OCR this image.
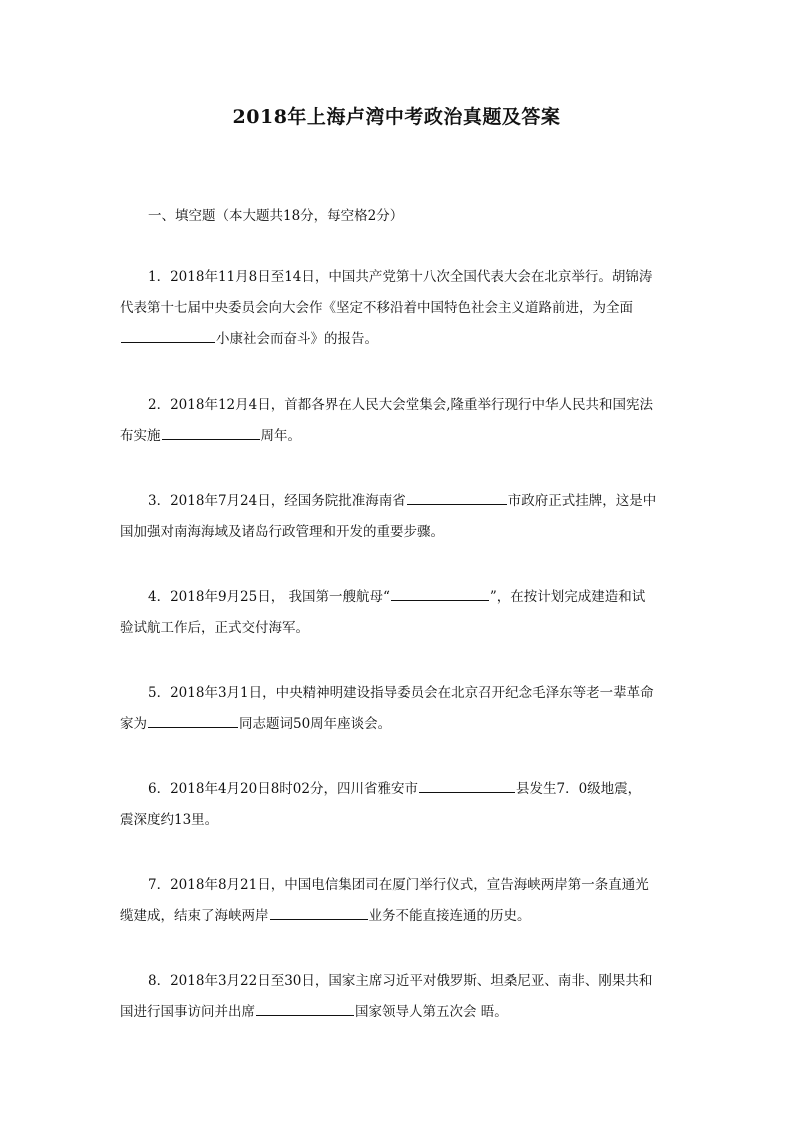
2018年上海卢湾中考政治真题及答案
一、填空题（本大题共18分，每空格2分）
1．2018年11月8日至14日，中国共产党第十八次全国代表大会在北京举行。胡锦涛
代表第十七届中央委员会向大会作《坚定不移沿着中国特色社会主义道路前进，为全面
小康社会而奋斗》的报告。
2．2018年12月4日，首都各界在人民大会堂集会,隆重举行现行中华人民共和国宪法
布实施	周年。
3．2018年7月24日，经国务院批准海南省	市政府正式挂牌，这是中
国加强对南海海域及诸岛行政管理和开发的重要步骤。
4．2018年9月25日， 我国第一艘航母“	”，在按计划完成建造和试
验试航工作后，正式交付海军。
5．2018年3月1日，中央精神明建设指导委员会在北京召开纪念毛泽东等老一辈革命
家为	同志题词50周年座谈会。
6．2018年4月20日8时02分，四川省雅安市	县发生7．0级地震，
震深度约13里。
7．2018年8月21日，中国电信集团司在厦门举行仪式，宣告海峡两岸第一条直通光
缆建成，结束了海峡两岸	业务不能直接连通的历史。
8．2018年3月22日至30日，国家主席习近平对俄罗斯、坦桑尼亚、南非、刚果共和
国进行国事访问并出席	国家领导人第五次会 晤。
